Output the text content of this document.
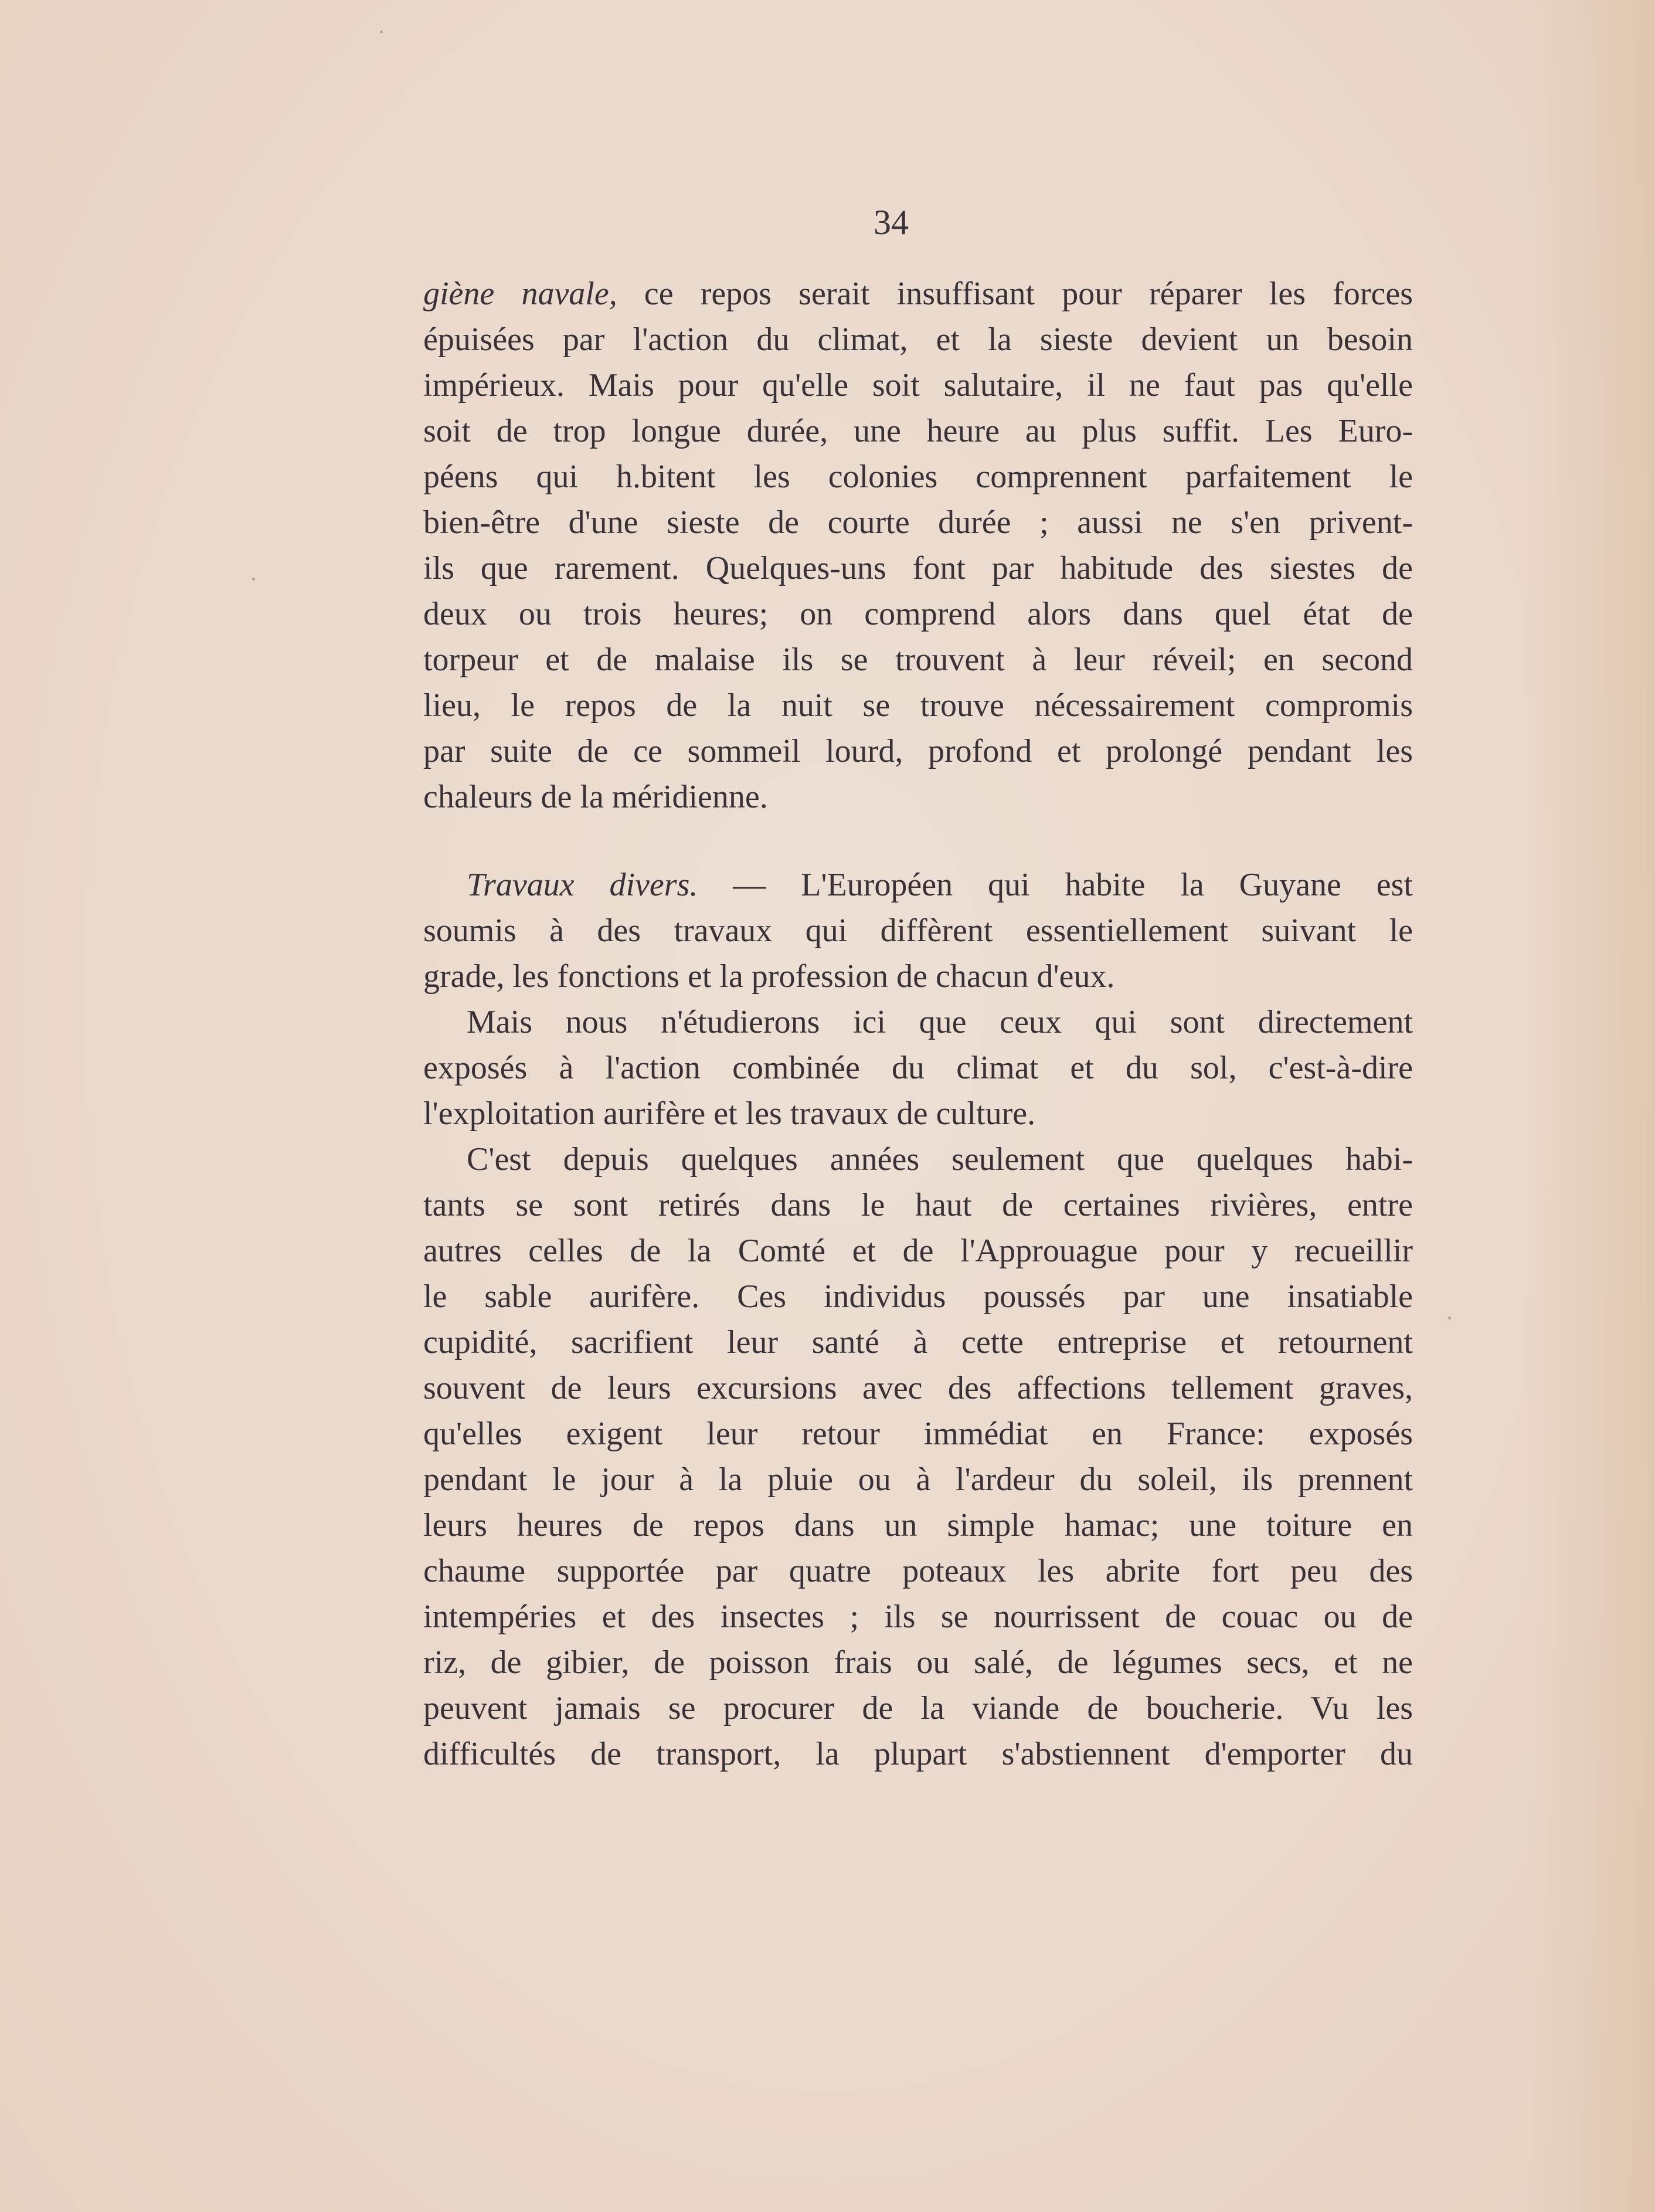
34
giène navale, ce repos serait insuffisant pour réparer les forces
épuisées par l'action du climat, et la sieste devient un besoin
impérieux. Mais pour qu'elle soit salutaire, il ne faut pas qu'elle
soit de trop longue durée, une heure au plus suffit. Les Euro-
péens qui h.bitent les colonies comprennent parfaitement le
bien-être d'une sieste de courte durée ; aussi ne s'en privent-
ils que rarement. Quelques-uns font par habitude des siestes de
deux ou trois heures; on comprend alors dans quel état de
torpeur et de malaise ils se trouvent à leur réveil; en second
lieu, le repos de la nuit se trouve nécessairement compromis
par suite de ce sommeil lourd, profond et prolongé pendant les
chaleurs de la méridienne.
Travaux divers. — L'Européen qui habite la Guyane est
soumis à des travaux qui diffèrent essentiellement suivant le
grade, les fonctions et la profession de chacun d'eux.
Mais nous n'étudierons ici que ceux qui sont directement
exposés à l'action combinée du climat et du sol, c'est-à-dire
l'exploitation aurifère et les travaux de culture.
C'est depuis quelques années seulement que quelques habi-
tants se sont retirés dans le haut de certaines rivières, entre
autres celles de la Comté et de l'Approuague pour y recueillir
le sable aurifère. Ces individus poussés par une insatiable
cupidité, sacrifient leur santé à cette entreprise et retournent
souvent de leurs excursions avec des affections tellement graves,
qu'elles exigent leur retour immédiat en France: exposés
pendant le jour à la pluie ou à l'ardeur du soleil, ils prennent
leurs heures de repos dans un simple hamac; une toiture en
chaume supportée par quatre poteaux les abrite fort peu des
intempéries et des insectes ; ils se nourrissent de couac ou de
riz, de gibier, de poisson frais ou salé, de légumes secs, et ne
peuvent jamais se procurer de la viande de boucherie. Vu les
difficultés de transport, la plupart s'abstiennent d'emporter du
